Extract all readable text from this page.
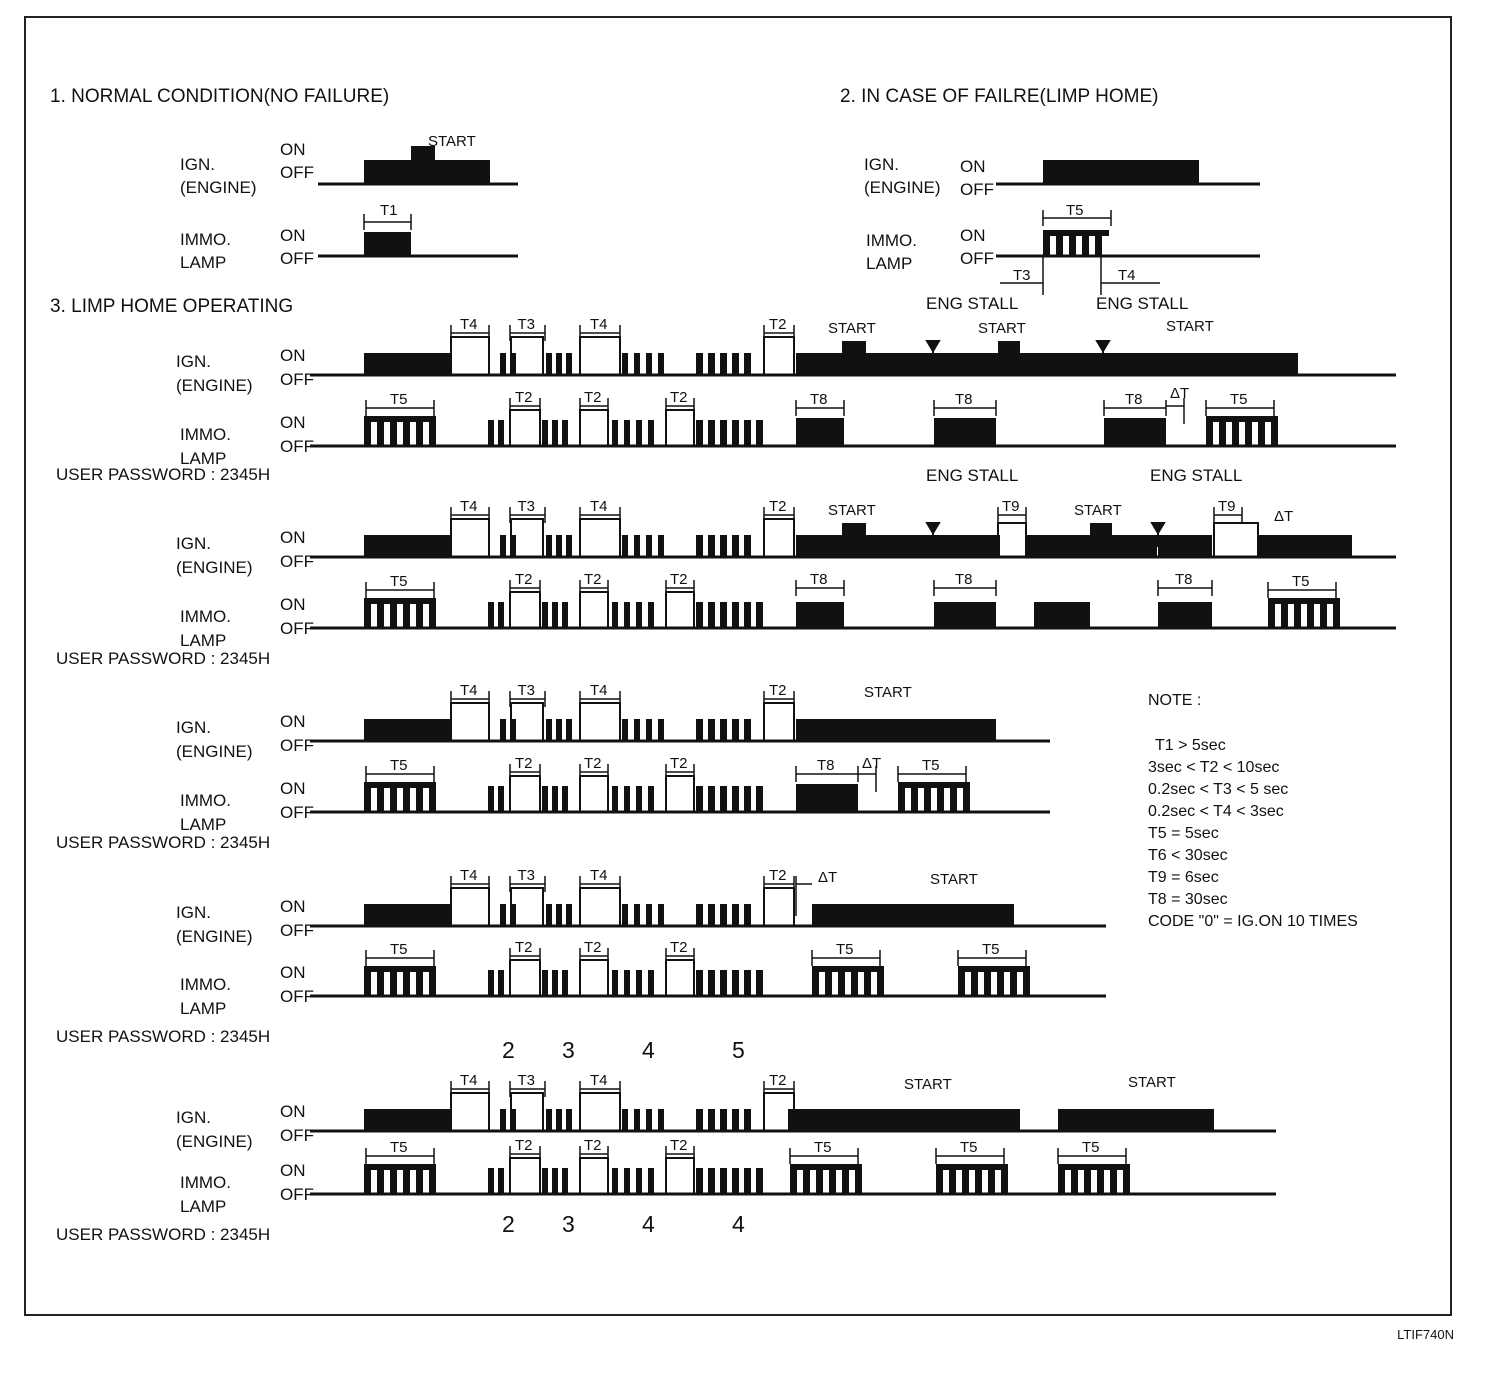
1. NORMAL CONDITION(NO FAILURE)	2. IN CASE OF FAILRE(LIMP HOME)
3. LIMP HOME OPERATING
IGN.
(ENGINE)
ON
OFF
IMMO.
LAMP
ON
OFF
START
T1
IGN.
(ENGINE)
ON
OFF
IMMO.
LAMP
ON
OFF
T5
T3	T4
IGN.
(ENGINE)
ON
OFF
IMMO.
LAMP
ON
OFF
USER PASSWORD : 2345H
T4	T3	T4	T2
T5	T2	T2	T2
START
ENG STALL
START
ENG STALL
START
T8	T8	T8 ΔT	T5
IGN.
(ENGINE)
ON
OFF
IMMO.
LAMP
ON
OFF
USER PASSWORD : 2345H
T4	T3	T4	T2
T5	T2	T2	T2
START
ENG STALL
T9	START
ENG STALL
T9
ΔT
T8	T8	T8	T5
IGN.
(ENGINE)
ON
OFF
IMMO.
LAMP
ON
OFF
USER PASSWORD : 2345H
T4	T3	T4	T2
T5	T2	T2	T2
START
T8 ΔT	T5
IGN.
(ENGINE)
ON
OFF
IMMO.
LAMP
ON
OFF
USER PASSWORD : 2345H
T4	T3	T4	T2
T5	T2	T2	T2
ΔT	START
T5	T5
IGN.
(ENGINE)
ON
OFF
IMMO.
LAMP
ON
OFF
USER PASSWORD : 2345H
T4	T3	T4	T2
T5	T2	T2	T2
START	START
T5	T5	T5
2 3	4	5
2 3	4	4
NOTE :
T1 > 5sec
3sec < T2 < 10sec
0.2sec < T3 < 5 sec
0.2sec < T4 < 3sec
T5 = 5sec
T6 < 30sec
T9 = 6sec
T8 = 30sec
CODE "0" = IG.ON 10 TIMES
LTIF740N
